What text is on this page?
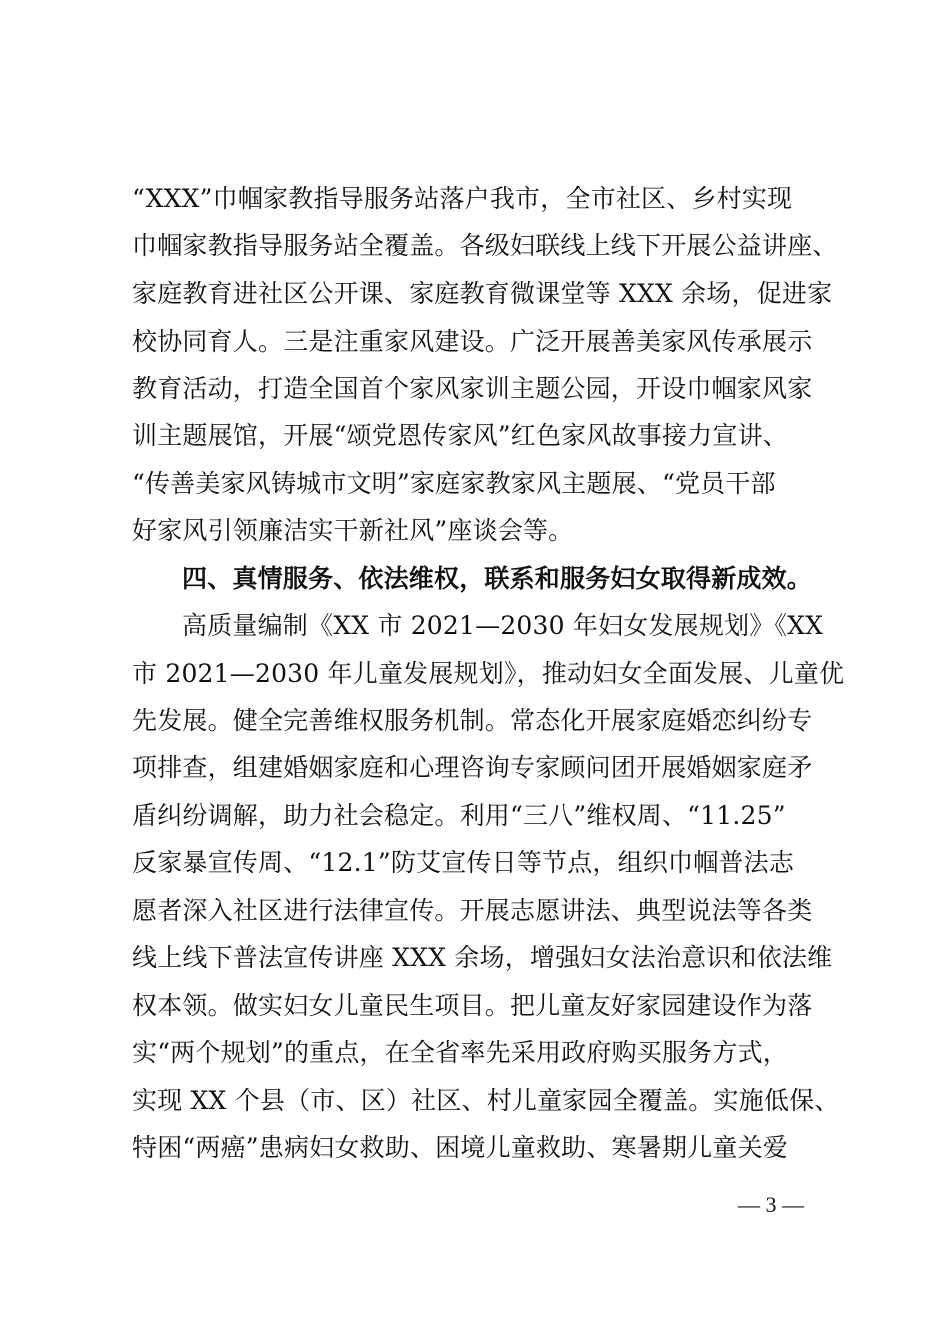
“XXX”巾帼家教指导服务站落户我市，全市社区、乡村实现
巾帼家教指导服务站全覆盖。各级妇联线上线下开展公益讲座、
家庭教育进社区公开课、家庭教育微课堂等 XXX 余场，促进家
校协同育人。三是注重家风建设。广泛开展善美家风传承展示
教育活动，打造全国首个家风家训主题公园，开设巾帼家风家
训主题展馆，开展“颂党恩传家风”红色家风故事接力宣讲、
“传善美家风铸城市文明”家庭家教家风主题展、“党员干部
好家风引领廉洁实干新社风”座谈会等。
四、真情服务、依法维权，联系和服务妇女取得新成效。
高质量编制《XX 市 2021—2030 年妇女发展规划》《XX
市 2021—2030 年儿童发展规划》，推动妇女全面发展、儿童优
先发展。健全完善维权服务机制。常态化开展家庭婚恋纠纷专
项排查，组建婚姻家庭和心理咨询专家顾问团开展婚姻家庭矛
盾纠纷调解，助力社会稳定。利用“三八”维权周、“11.25”
反家暴宣传周、“12.1”防艾宣传日等节点，组织巾帼普法志
愿者深入社区进行法律宣传。开展志愿讲法、典型说法等各类
线上线下普法宣传讲座 XXX 余场，增强妇女法治意识和依法维
权本领。做实妇女儿童民生项目。把儿童友好家园建设作为落
实“两个规划”的重点，在全省率先采用政府购买服务方式，
实现 XX 个县（市、区）社区、村儿童家园全覆盖。实施低保、
特困“两癌”患病妇女救助、困境儿童救助、寒暑期儿童关爱
— 3 —
